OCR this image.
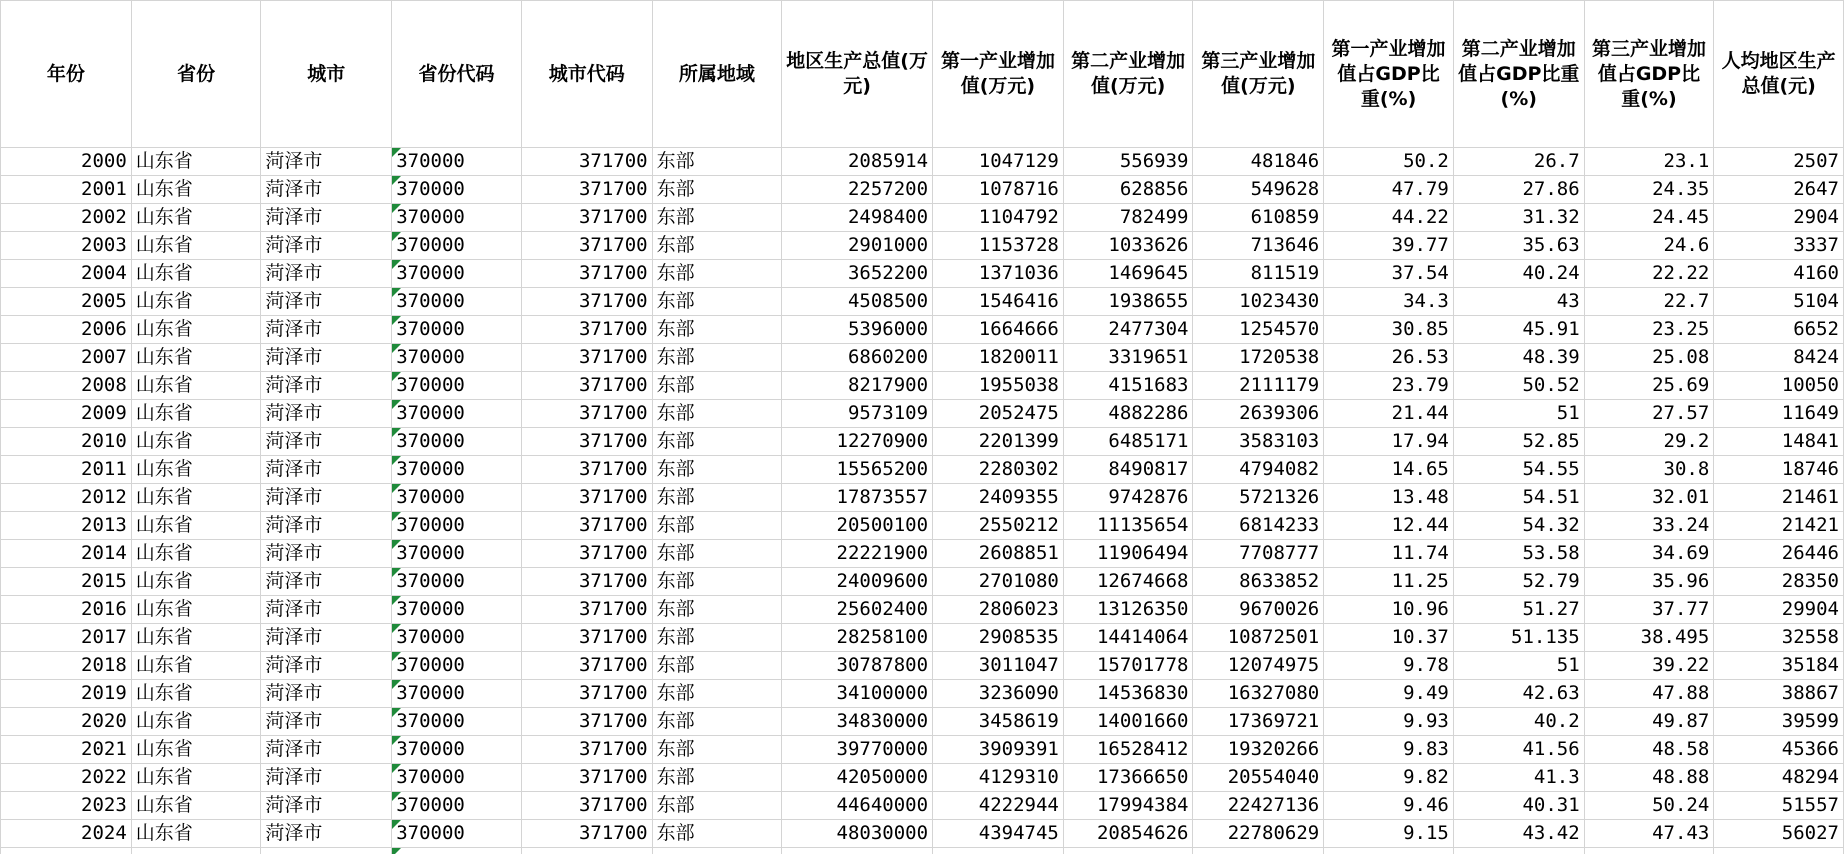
年份	省份	城市	省份代码	城市代码	所属地域	地区生产总值(万元)	第一产业增加值(万元)	第二产业增加值(万元)	第三产业增加值(万元)	第一产业增加值占GDP比重(%)	第二产业增加值占GDP比重(%)	第三产业增加值占GDP比重(%)	人均地区生产总值(元)
2000	山东省	菏泽市	370000	371700	东部	2085914	1047129	556939	481846	50.2	26.7	23.1	2507
2001	山东省	菏泽市	370000	371700	东部	2257200	1078716	628856	549628	47.79	27.86	24.35	2647
2002	山东省	菏泽市	370000	371700	东部	2498400	1104792	782499	610859	44.22	31.32	24.45	2904
2003	山东省	菏泽市	370000	371700	东部	2901000	1153728	1033626	713646	39.77	35.63	24.6	3337
2004	山东省	菏泽市	370000	371700	东部	3652200	1371036	1469645	811519	37.54	40.24	22.22	4160
2005	山东省	菏泽市	370000	371700	东部	4508500	1546416	1938655	1023430	34.3	43	22.7	5104
2006	山东省	菏泽市	370000	371700	东部	5396000	1664666	2477304	1254570	30.85	45.91	23.25	6652
2007	山东省	菏泽市	370000	371700	东部	6860200	1820011	3319651	1720538	26.53	48.39	25.08	8424
2008	山东省	菏泽市	370000	371700	东部	8217900	1955038	4151683	2111179	23.79	50.52	25.69	10050
2009	山东省	菏泽市	370000	371700	东部	9573109	2052475	4882286	2639306	21.44	51	27.57	11649
2010	山东省	菏泽市	370000	371700	东部	12270900	2201399	6485171	3583103	17.94	52.85	29.2	14841
2011	山东省	菏泽市	370000	371700	东部	15565200	2280302	8490817	4794082	14.65	54.55	30.8	18746
2012	山东省	菏泽市	370000	371700	东部	17873557	2409355	9742876	5721326	13.48	54.51	32.01	21461
2013	山东省	菏泽市	370000	371700	东部	20500100	2550212	11135654	6814233	12.44	54.32	33.24	21421
2014	山东省	菏泽市	370000	371700	东部	22221900	2608851	11906494	7708777	11.74	53.58	34.69	26446
2015	山东省	菏泽市	370000	371700	东部	24009600	2701080	12674668	8633852	11.25	52.79	35.96	28350
2016	山东省	菏泽市	370000	371700	东部	25602400	2806023	13126350	9670026	10.96	51.27	37.77	29904
2017	山东省	菏泽市	370000	371700	东部	28258100	2908535	14414064	10872501	10.37	51.135	38.495	32558
2018	山东省	菏泽市	370000	371700	东部	30787800	3011047	15701778	12074975	9.78	51	39.22	35184
2019	山东省	菏泽市	370000	371700	东部	34100000	3236090	14536830	16327080	9.49	42.63	47.88	38867
2020	山东省	菏泽市	370000	371700	东部	34830000	3458619	14001660	17369721	9.93	40.2	49.87	39599
2021	山东省	菏泽市	370000	371700	东部	39770000	3909391	16528412	19320266	9.83	41.56	48.58	45366
2022	山东省	菏泽市	370000	371700	东部	42050000	4129310	17366650	20554040	9.82	41.3	48.88	48294
2023	山东省	菏泽市	370000	371700	东部	44640000	4222944	17994384	22427136	9.46	40.31	50.24	51557
2024	山东省	菏泽市	370000	371700	东部	48030000	4394745	20854626	22780629	9.15	43.42	47.43	56027
